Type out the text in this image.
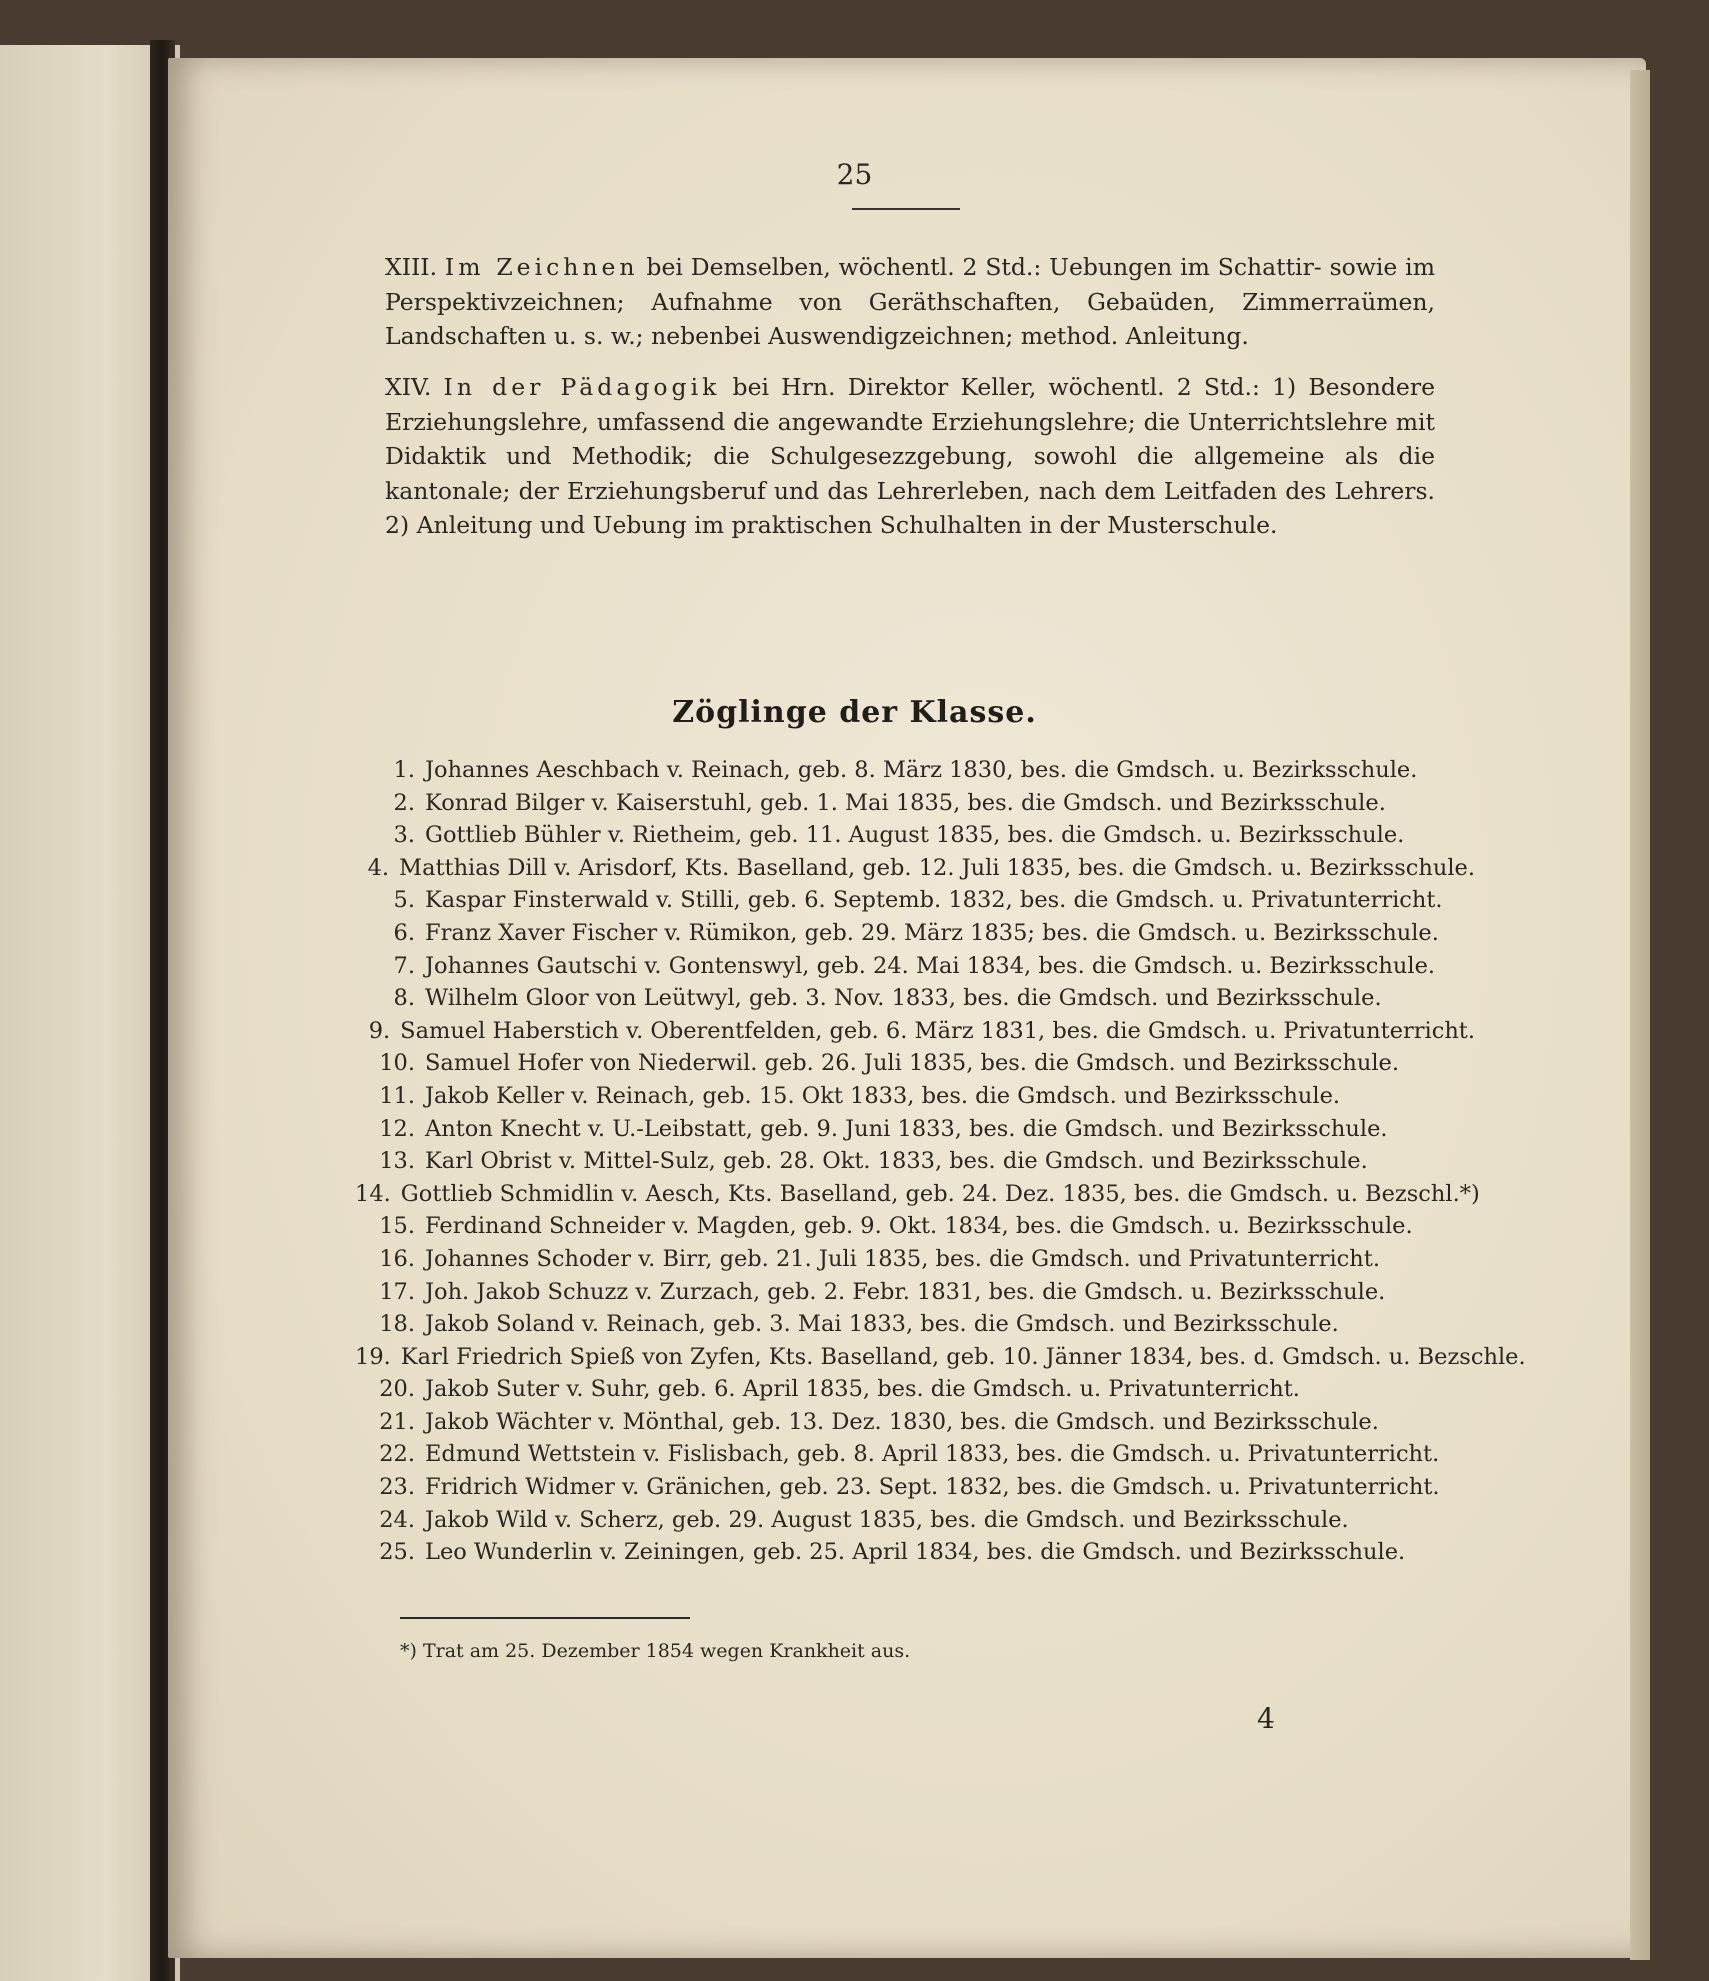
25
XIII. Im Zeichnen bei Demselben, wöchentl. 2 Std.: Uebungen im Schattir- sowie im Perspektivzeichnen; Aufnahme von Geräthschaften, Gebaüden, Zimmerraümen, Landschaften u. s. w.; nebenbei Auswendigzeichnen; method. Anleitung.
XIV. In der Pädagogik bei Hrn. Direktor Keller, wöchentl. 2 Std.: 1) Besondere Erziehungslehre, umfassend die angewandte Erziehungslehre; die Unterrichtslehre mit Didaktik und Methodik; die Schulgesezzgebung, sowohl die allgemeine als die kantonale; der Erziehungsberuf und das Lehrerleben, nach dem Leitfaden des Lehrers. 2) Anleitung und Uebung im praktischen Schulhalten in der Musterschule.
Zöglinge der Klasse.
1. Johannes Aeschbach v. Reinach, geb. 8. März 1830, bes. die Gmdsch. u. Bezirksschule.
2. Konrad Bilger v. Kaiserstuhl, geb. 1. Mai 1835, bes. die Gmdsch. und Bezirksschule.
3. Gottlieb Bühler v. Rietheim, geb. 11. August 1835, bes. die Gmdsch. u. Bezirksschule.
4. Matthias Dill v. Arisdorf, Kts. Baselland, geb. 12. Juli 1835, bes. die Gmdsch. u. Bezirksschule.
5. Kaspar Finsterwald v. Stilli, geb. 6. Septemb. 1832, bes. die Gmdsch. u. Privatunterricht.
6. Franz Xaver Fischer v. Rümikon, geb. 29. März 1835; bes. die Gmdsch. u. Bezirksschule.
7. Johannes Gautschi v. Gontenswyl, geb. 24. Mai 1834, bes. die Gmdsch. u. Bezirksschule.
8. Wilhelm Gloor von Leütwyl, geb. 3. Nov. 1833, bes. die Gmdsch. und Bezirksschule.
9. Samuel Haberstich v. Oberentfelden, geb. 6. März 1831, bes. die Gmdsch. u. Privatunterricht.
10. Samuel Hofer von Niederwil. geb. 26. Juli 1835, bes. die Gmdsch. und Bezirksschule.
11. Jakob Keller v. Reinach, geb. 15. Okt 1833, bes. die Gmdsch. und Bezirksschule.
12. Anton Knecht v. U.-Leibstatt, geb. 9. Juni 1833, bes. die Gmdsch. und Bezirksschule.
13. Karl Obrist v. Mittel-Sulz, geb. 28. Okt. 1833, bes. die Gmdsch. und Bezirksschule.
14. Gottlieb Schmidlin v. Aesch, Kts. Baselland, geb. 24. Dez. 1835, bes. die Gmdsch. u. Bezschl.*)
15. Ferdinand Schneider v. Magden, geb. 9. Okt. 1834, bes. die Gmdsch. u. Bezirksschule.
16. Johannes Schoder v. Birr, geb. 21. Juli 1835, bes. die Gmdsch. und Privatunterricht.
17. Joh. Jakob Schuzz v. Zurzach, geb. 2. Febr. 1831, bes. die Gmdsch. u. Bezirksschule.
18. Jakob Soland v. Reinach, geb. 3. Mai 1833, bes. die Gmdsch. und Bezirksschule.
19. Karl Friedrich Spieß von Zyfen, Kts. Baselland, geb. 10. Jänner 1834, bes. d. Gmdsch. u. Bezschle.
20. Jakob Suter v. Suhr, geb. 6. April 1835, bes. die Gmdsch. u. Privatunterricht.
21. Jakob Wächter v. Mönthal, geb. 13. Dez. 1830, bes. die Gmdsch. und Bezirksschule.
22. Edmund Wettstein v. Fislisbach, geb. 8. April 1833, bes. die Gmdsch. u. Privatunterricht.
23. Fridrich Widmer v. Gränichen, geb. 23. Sept. 1832, bes. die Gmdsch. u. Privatunterricht.
24. Jakob Wild v. Scherz, geb. 29. August 1835, bes. die Gmdsch. und Bezirksschule.
25. Leo Wunderlin v. Zeiningen, geb. 25. April 1834, bes. die Gmdsch. und Bezirksschule.
*) Trat am 25. Dezember 1854 wegen Krankheit aus.
4
